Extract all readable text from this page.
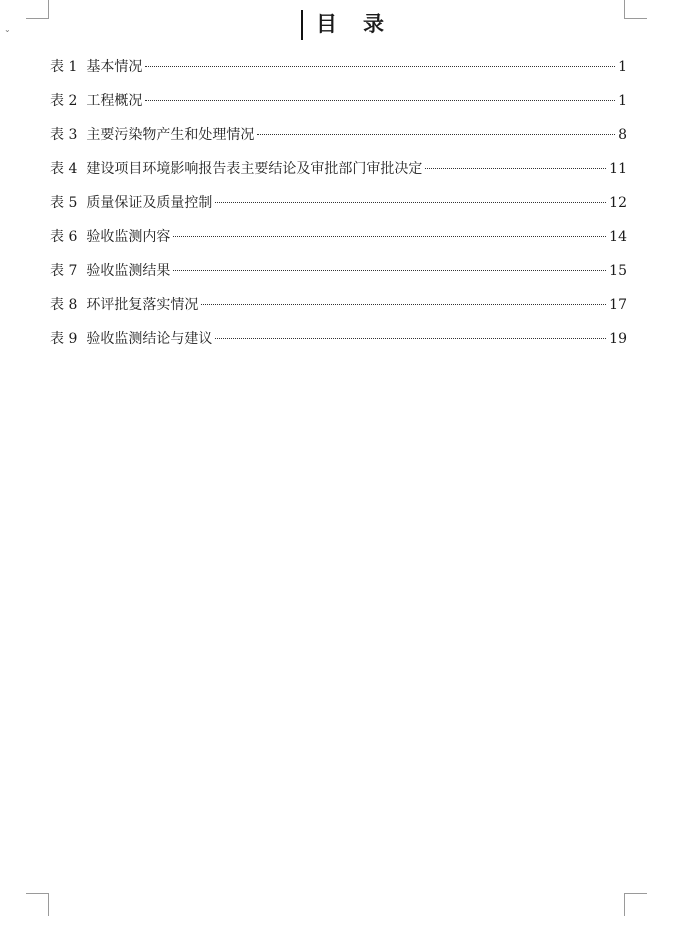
⌄	目 录
表 1 基本情况	1
表 2 工程概况	1
表 3 主要污染物产生和处理情况	8
表 4 建设项目环境影响报告表主要结论及审批部门审批决定	11
表 5 质量保证及质量控制	12
表 6 验收监测内容	14
表 7 验收监测结果	15
表 8 环评批复落实情况	17
表 9 验收监测结论与建议	19
